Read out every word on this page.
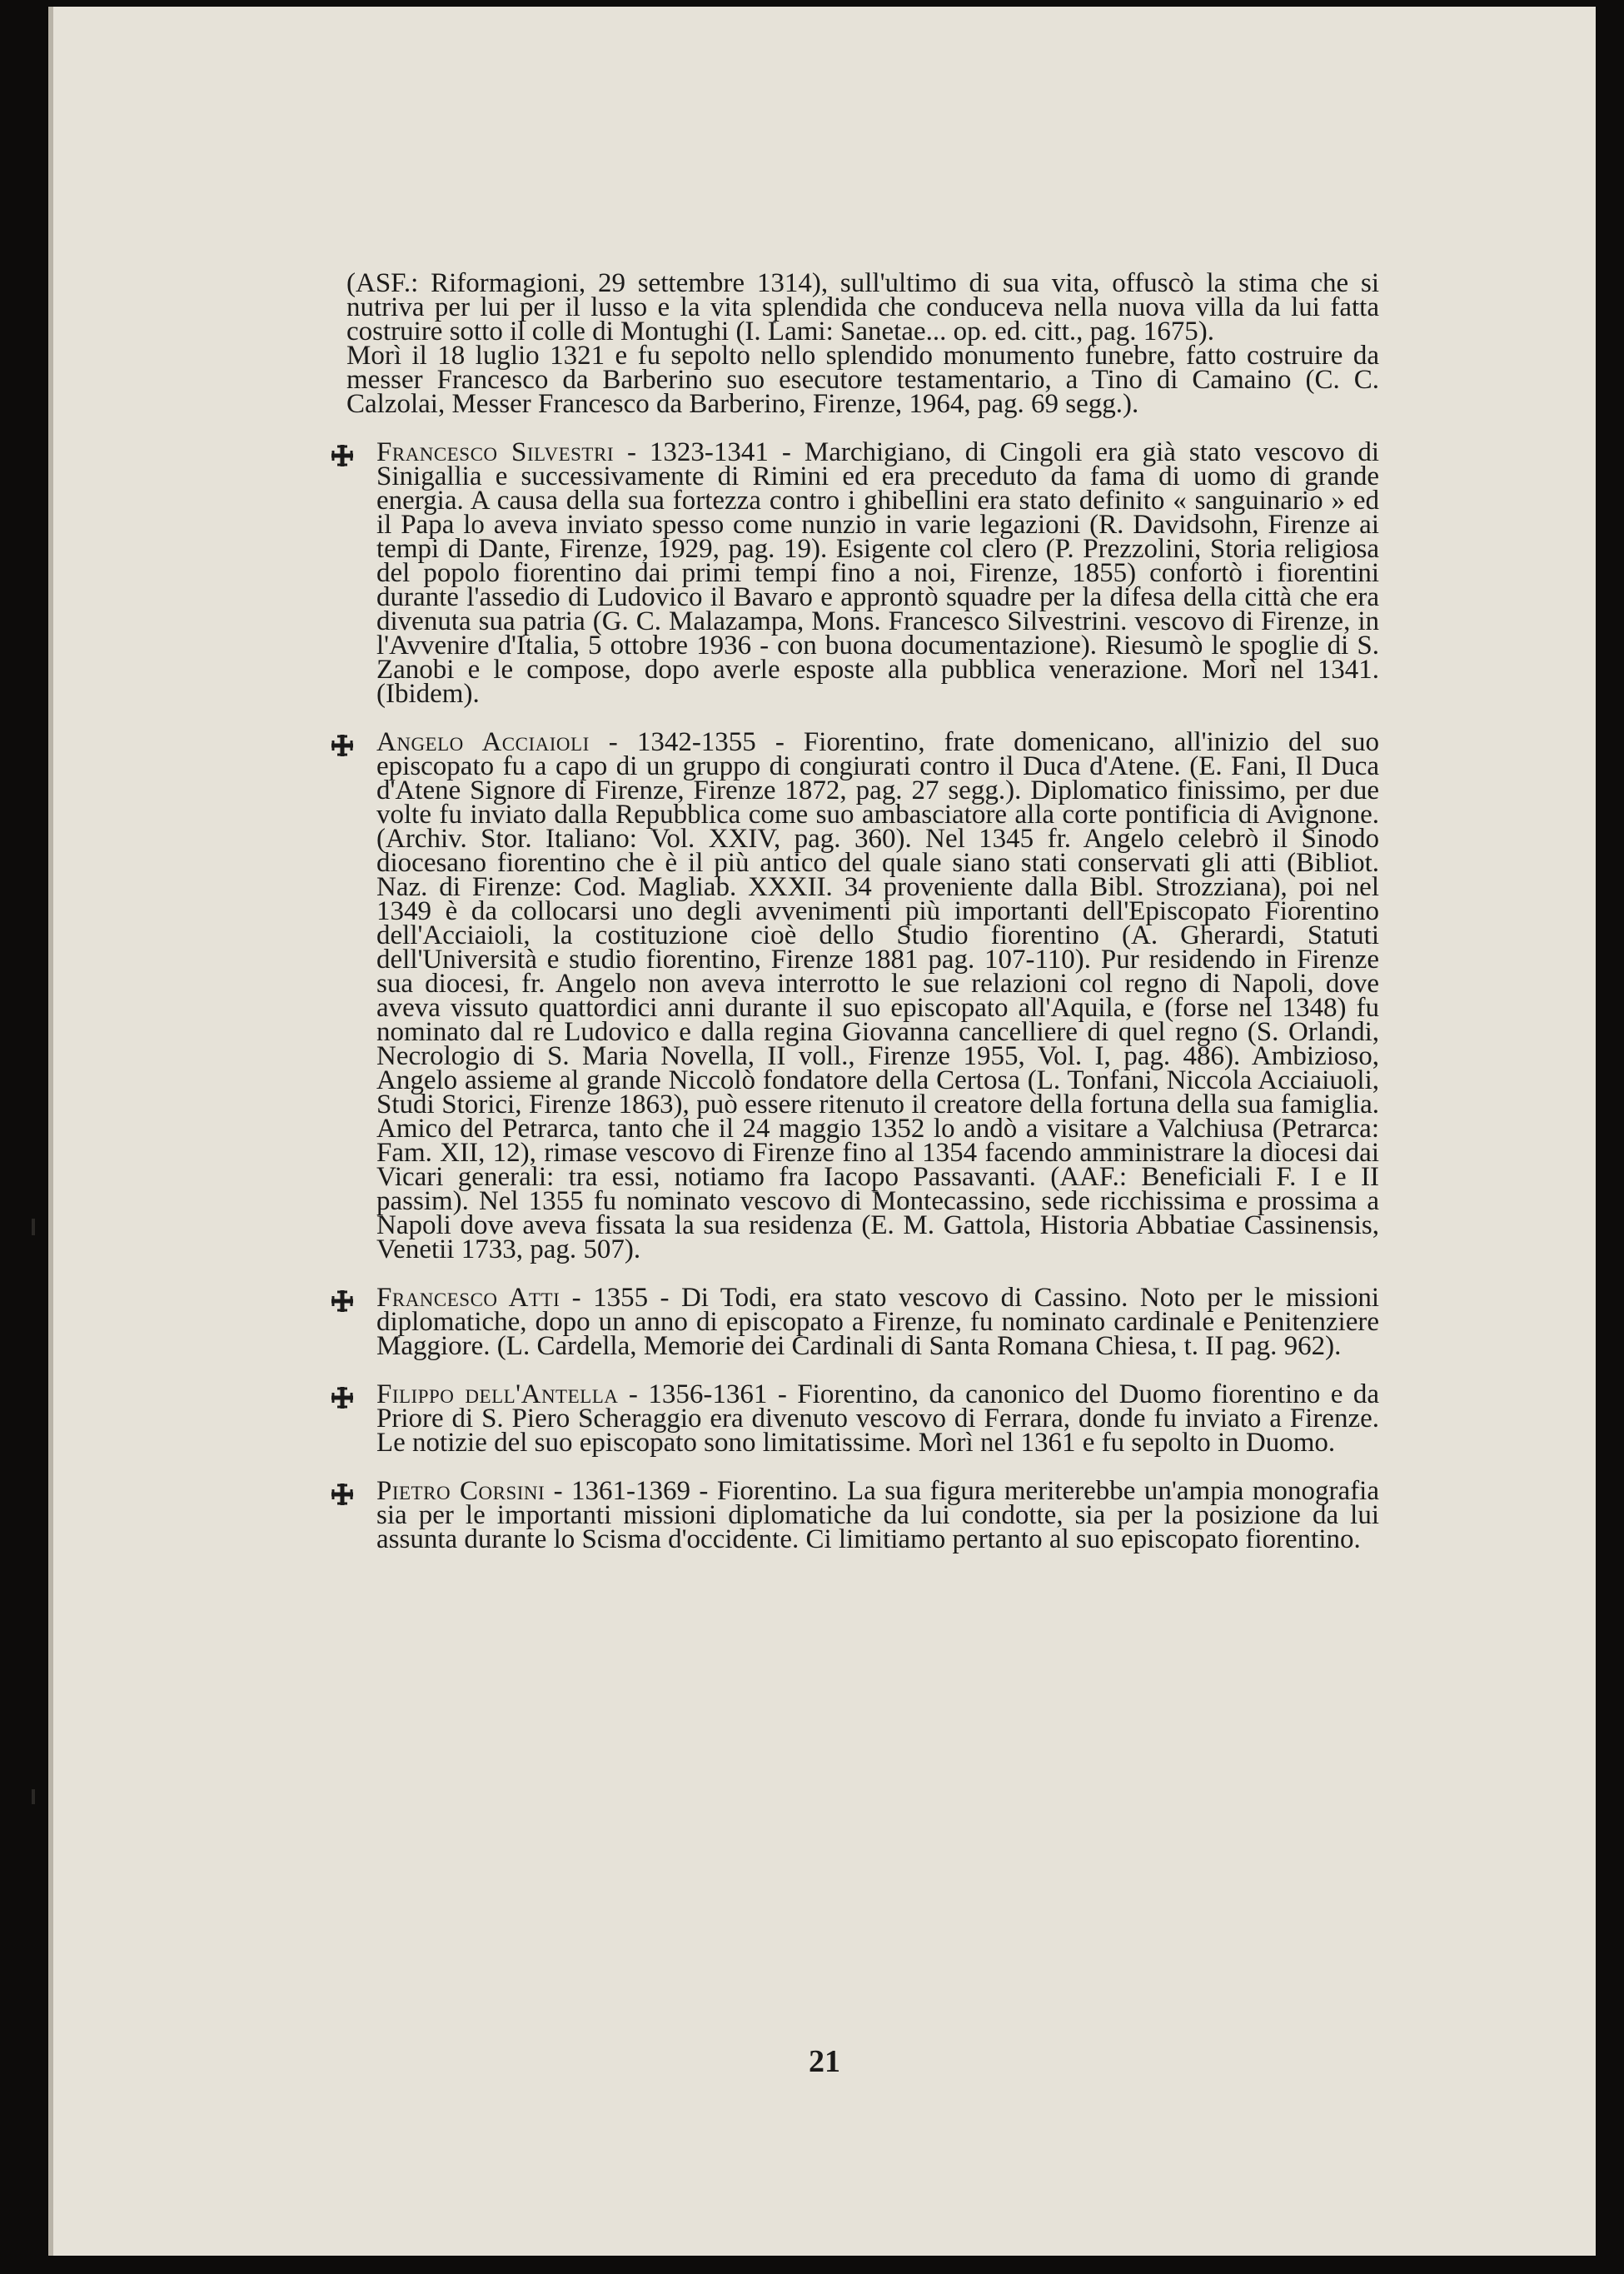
(ASF.: Riformagioni, 29 settembre 1314), sull'ultimo di sua vita, offuscò la stima che si nutriva per lui per il lusso e la vita splendida che conduceva nella nuova villa da lui fatta costruire sotto il colle di Montughi (I. Lami: Sanetae... op. ed. citt., pag. 1675).

Morì il 18 luglio 1321 e fu sepolto nello splendido monumento funebre, fatto costruire da messer Francesco da Barberino suo esecutore testamentario, a Tino di Camaino (C. C. Calzolai, Messer Francesco da Barberino, Firenze, 1964, pag. 69 segg.).

Francesco Silvestri - 1323-1341 - Marchigiano, di Cingoli era già stato vescovo di Sinigallia e successivamente di Rimini ed era preceduto da fama di uomo di grande energia. A causa della sua fortezza contro i ghibellini era stato definito « sanguinario » ed il Papa lo aveva inviato spesso come nunzio in varie legazioni (R. Davidsohn, Firenze ai tempi di Dante, Firenze, 1929, pag. 19). Esigente col clero (P. Prezzolini, Storia religiosa del popolo fiorentino dai primi tempi fino a noi, Firenze, 1855) confortò i fiorentini durante l'assedio di Ludovico il Bavaro e approntò squadre per la difesa della città che era divenuta sua patria (G. C. Malazampa, Mons. Francesco Silvestrini. vescovo di Firenze, in l'Avvenire d'Italia, 5 ottobre 1936 - con buona documentazione). Riesumò le spoglie di S. Zanobi e le compose, dopo averle esposte alla pubblica venerazione. Morì nel 1341. (Ibidem).

Angelo Acciaioli - 1342-1355 - Fiorentino, frate domenicano, all'inizio del suo episcopato fu a capo di un gruppo di congiurati contro il Duca d'Atene. (E. Fani, Il Duca d'Atene Signore di Firenze, Firenze 1872, pag. 27 segg.). Diplomatico finissimo, per due volte fu inviato dalla Repubblica come suo ambasciatore alla corte pontificia di Avignone. (Archiv. Stor. Italiano: Vol. XXIV, pag. 360). Nel 1345 fr. Angelo celebrò il Sinodo diocesano fiorentino che è il più antico del quale siano stati conservati gli atti (Bibliot. Naz. di Firenze: Cod. Magliab. XXXII. 34 proveniente dalla Bibl. Strozziana), poi nel 1349 è da collocarsi uno degli avvenimenti più importanti dell'Episcopato Fiorentino dell'Acciaioli, la costituzione cioè dello Studio fiorentino (A. Gherardi, Statuti dell'Università e studio fiorentino, Firenze 1881 pag. 107-110). Pur residendo in Firenze sua diocesi, fr. Angelo non aveva interrotto le sue relazioni col regno di Napoli, dove aveva vissuto quattordici anni durante il suo episcopato all'Aquila, e (forse nel 1348) fu nominato dal re Ludovico e dalla regina Giovanna cancelliere di quel regno (S. Orlandi, Necrologio di S. Maria Novella, II voll., Firenze 1955, Vol. I, pag. 486). Ambizioso, Angelo assieme al grande Niccolò fondatore della Certosa (L. Tonfani, Niccola Acciaiuoli, Studi Storici, Firenze 1863), può essere ritenuto il creatore della fortuna della sua famiglia. Amico del Petrarca, tanto che il 24 maggio 1352 lo andò a visitare a Valchiusa (Petrarca: Fam. XII, 12), rimase vescovo di Firenze fino al 1354 facendo amministrare la diocesi dai Vicari generali: tra essi, notiamo fra Iacopo Passavanti. (AAF.: Beneficiali F. I e II passim). Nel 1355 fu nominato vescovo di Montecassino, sede ricchissima e prossima a Napoli dove aveva fissata la sua residenza (E. M. Gattola, Historia Abbatiae Cassinensis, Venetii 1733, pag. 507).

Francesco Atti - 1355 - Di Todi, era stato vescovo di Cassino. Noto per le missioni diplomatiche, dopo un anno di episcopato a Firenze, fu nominato cardinale e Penitenziere Maggiore. (L. Cardella, Memorie dei Cardinali di Santa Romana Chiesa, t. II pag. 962).

Filippo dell'Antella - 1356-1361 - Fiorentino, da canonico del Duomo fiorentino e da Priore di S. Piero Scheraggio era divenuto vescovo di Ferrara, donde fu inviato a Firenze. Le notizie del suo episcopato sono limitatissime. Morì nel 1361 e fu sepolto in Duomo.

Pietro Corsini - 1361-1369 - Fiorentino. La sua figura meriterebbe un'ampia monografia sia per le importanti missioni diplomatiche da lui condotte, sia per la posizione da lui assunta durante lo Scisma d'occidente. Ci limitiamo pertanto al suo episcopato fiorentino.

21
